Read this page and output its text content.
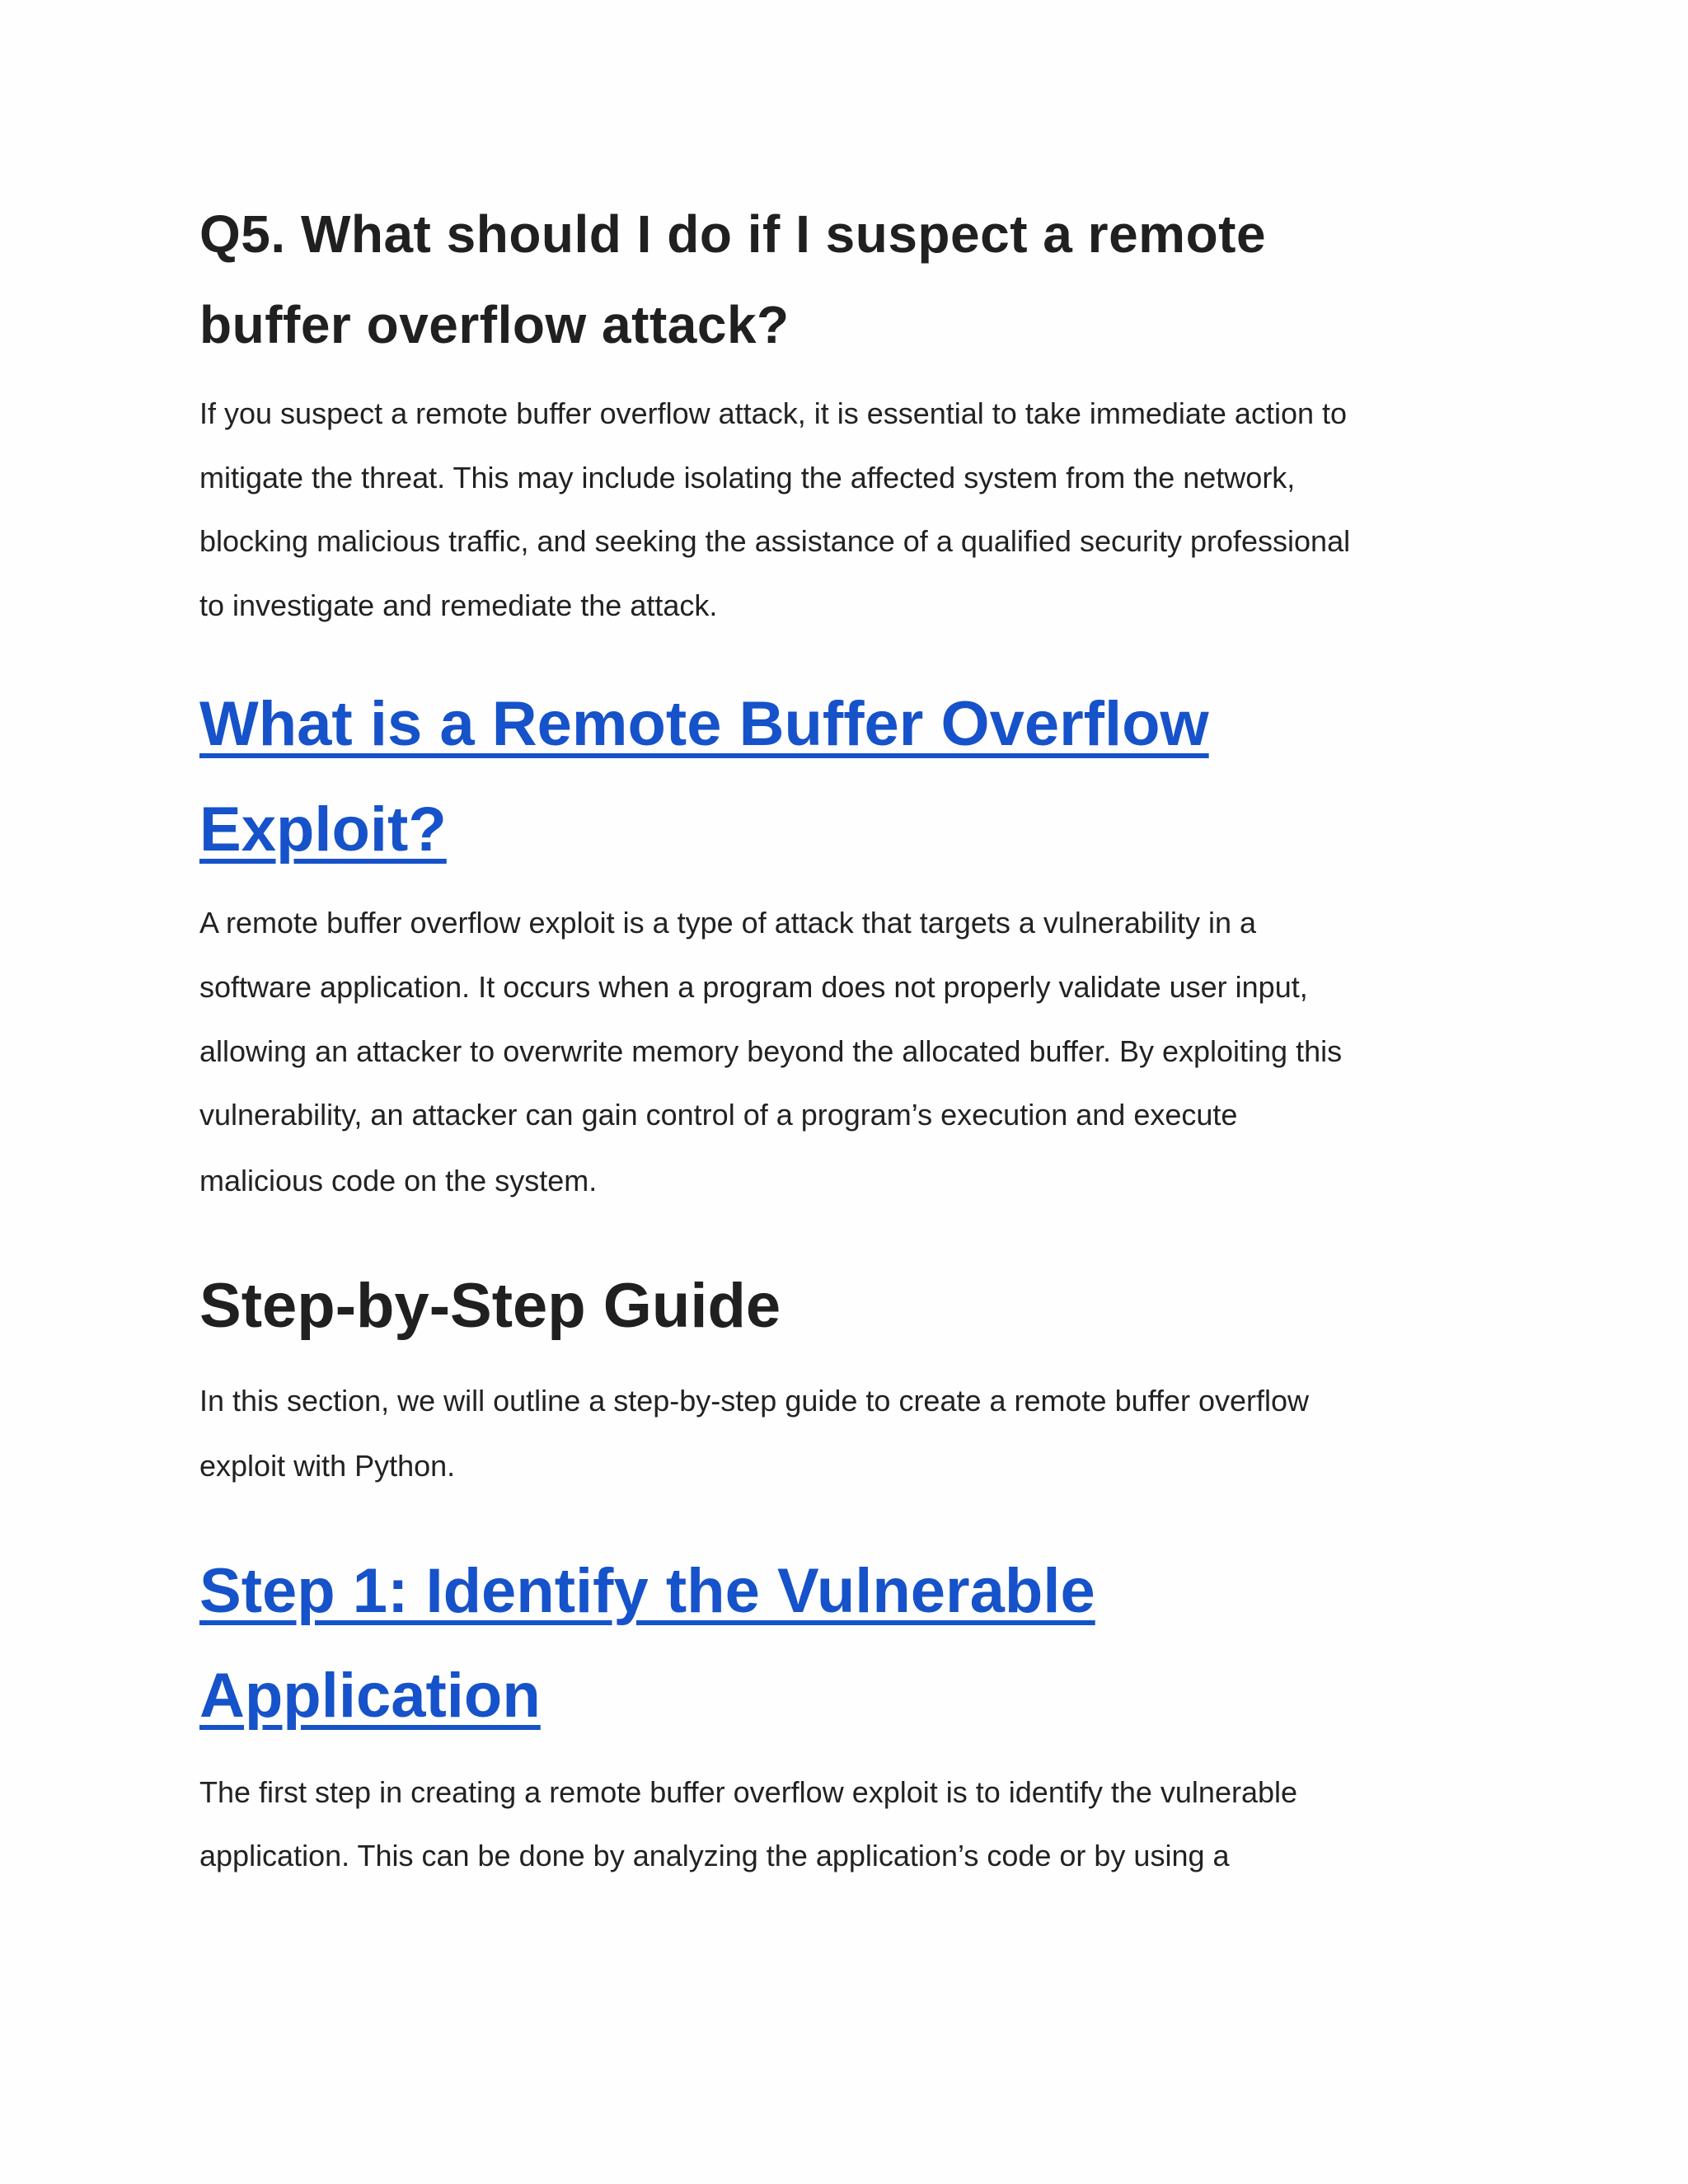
Q5. What should I do if I suspect a remote
buffer overflow attack?
If you suspect a remote buffer overflow attack, it is essential to take immediate action to
mitigate the threat. This may include isolating the affected system from the network,
blocking malicious traffic, and seeking the assistance of a qualified security professional
to investigate and remediate the attack.
What is a Remote Buffer Overflow
Exploit?
A remote buffer overflow exploit is a type of attack that targets a vulnerability in a
software application. It occurs when a program does not properly validate user input,
allowing an attacker to overwrite memory beyond the allocated buffer. By exploiting this
vulnerability, an attacker can gain control of a program’s execution and execute
malicious code on the system.
Step-by-Step Guide
In this section, we will outline a step-by-step guide to create a remote buffer overflow
exploit with Python.
Step 1: Identify the Vulnerable
Application
The first step in creating a remote buffer overflow exploit is to identify the vulnerable
application. This can be done by analyzing the application’s code or by using a
